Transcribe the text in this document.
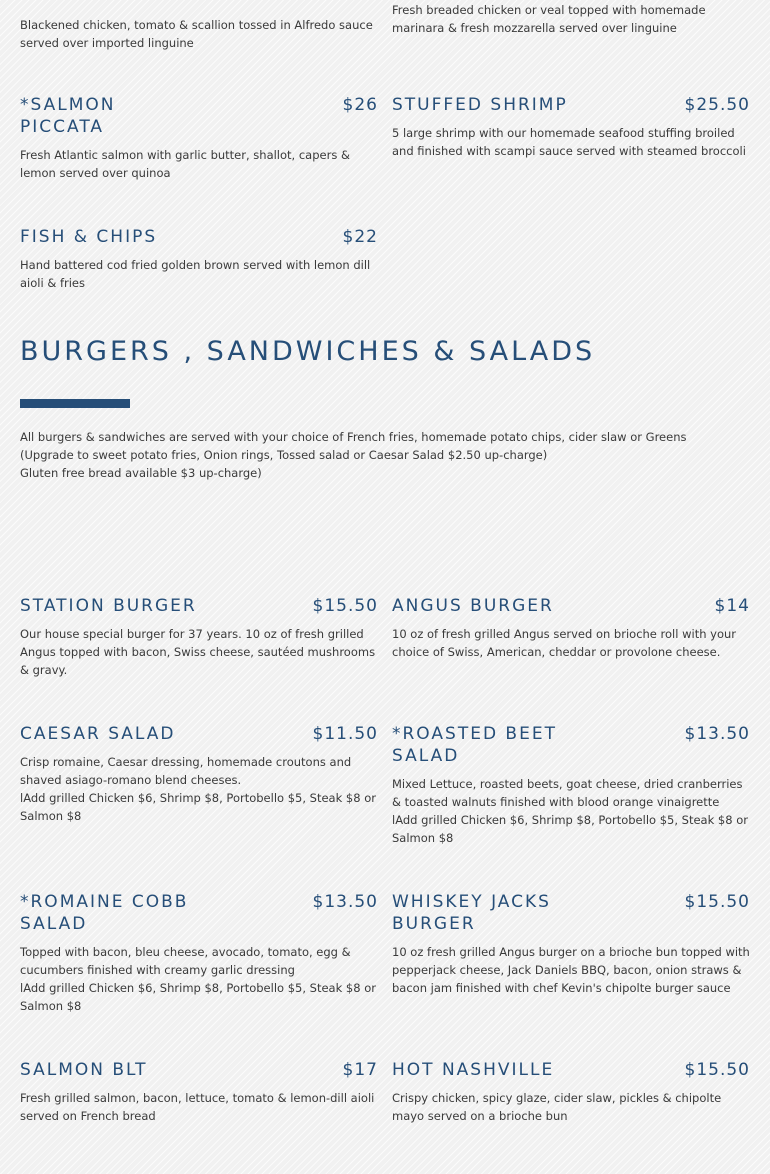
Blackened chicken, tomato & scallion tossed in Alfredo sauce served over imported linguine
Fresh breaded chicken or veal topped with homemade marinara & fresh mozzarella served over linguine
*SALMON PICCATA
$26
Fresh Atlantic salmon with garlic butter, shallot, capers & lemon served over quinoa
STUFFED SHRIMP	$25.50
5 large shrimp with our homemade seafood stuffing broiled and finished with scampi sauce served with steamed broccoli
FISH & CHIPS	$22
Hand battered cod fried golden brown served with lemon dill aioli & fries
BURGERS , SANDWICHES & SALADS
All burgers & sandwiches are served with your choice of French fries, homemade potato chips, cider slaw or Greens
(Upgrade to sweet potato fries, Onion rings, Tossed salad or Caesar Salad $2.50 up-charge)
Gluten free bread available $3 up-charge)
STATION BURGER	$15.50
Our house special burger for 37 years. 10 oz of fresh grilled Angus topped with bacon, Swiss cheese, sautéed mushrooms & gravy.
ANGUS BURGER	$14
10 oz of fresh grilled Angus served on brioche roll with your choice of Swiss, American, cheddar or provolone cheese.
CAESAR SALAD	$11.50
Crisp romaine, Caesar dressing, homemade croutons and shaved asiago-romano blend cheeses.
lAdd grilled Chicken $6, Shrimp $8, Portobello $5, Steak $8 or Salmon $8
*ROASTED BEET SALAD
$13.50
Mixed Lettuce, roasted beets, goat cheese, dried cranberries & toasted walnuts finished with blood orange vinaigrette
lAdd grilled Chicken $6, Shrimp $8, Portobello $5, Steak $8 or Salmon $8
*ROMAINE COBB SALAD
$13.50
Topped with bacon, bleu cheese, avocado, tomato, egg & cucumbers finished with creamy garlic dressing
lAdd grilled Chicken $6, Shrimp $8, Portobello $5, Steak $8 or Salmon $8
WHISKEY JACKS BURGER
$15.50
10 oz fresh grilled Angus burger on a brioche bun topped with pepperjack cheese, Jack Daniels BBQ, bacon, onion straws & bacon jam finished with chef Kevin's chipolte burger sauce
SALMON BLT	$17
Fresh grilled salmon, bacon, lettuce, tomato & lemon-dill aioli served on French bread
HOT NASHVILLE	$15.50
Crispy chicken, spicy glaze, cider slaw, pickles & chipolte mayo served on a brioche bun
